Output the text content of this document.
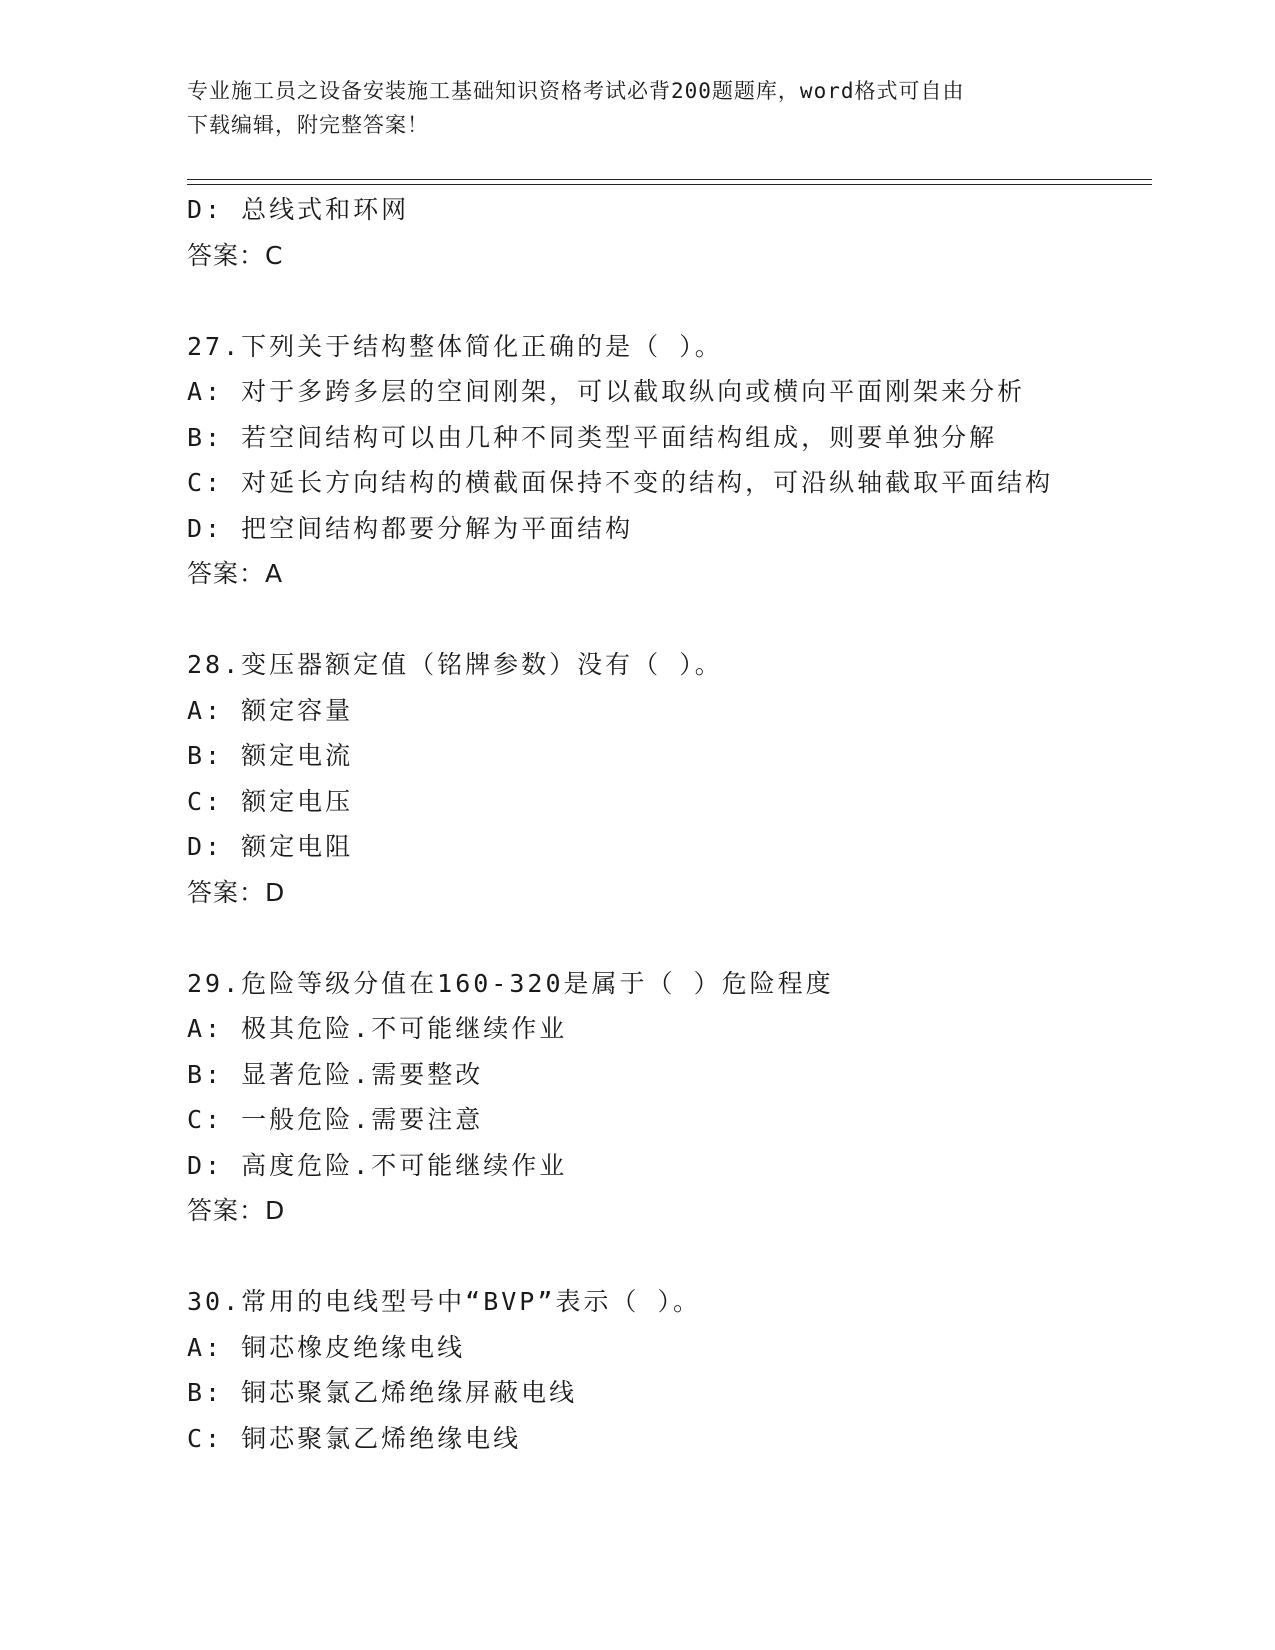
专业施工员之设备安装施工基础知识资格考试必背200题题库，word格式可自由
下载编辑，附完整答案！
D: 总线式和环网
答案：C
27.下列关于结构整体简化正确的是（ ）。
A: 对于多跨多层的空间刚架，可以截取纵向或横向平面刚架来分析
B: 若空间结构可以由几种不同类型平面结构组成，则要单独分解
C: 对延长方向结构的横截面保持不变的结构，可沿纵轴截取平面结构
D: 把空间结构都要分解为平面结构
答案：A
28.变压器额定值（铭牌参数）没有（ ）。
A: 额定容量
B: 额定电流
C: 额定电压
D: 额定电阻
答案：D
29.危险等级分值在160-320是属于（ ）危险程度
A: 极其危险.不可能继续作业
B: 显著危险.需要整改
C: 一般危险.需要注意
D: 高度危险.不可能继续作业
答案：D
30.常用的电线型号中“BVP”表示（ ）。
A: 铜芯橡皮绝缘电线
B: 铜芯聚氯乙烯绝缘屏蔽电线
C: 铜芯聚氯乙烯绝缘电线
